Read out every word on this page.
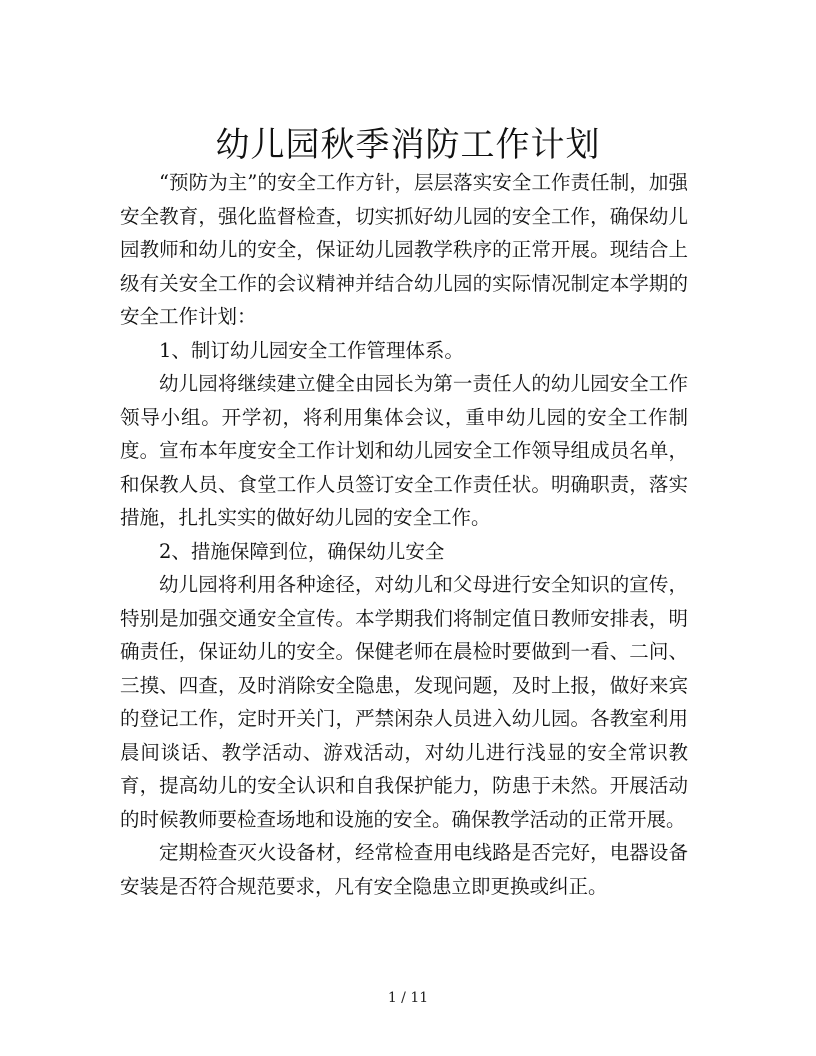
幼儿园秋季消防工作计划

“预防为主”的安全工作方针，层层落实安全工作责任制，加强安全教育，强化监督检查，切实抓好幼儿园的安全工作，确保幼儿园教师和幼儿的安全，保证幼儿园教学秩序的正常开展。现结合上级有关安全工作的会议精神并结合幼儿园的实际情况制定本学期的安全工作计划：

1、制订幼儿园安全工作管理体系。

幼儿园将继续建立健全由园长为第一责任人的幼儿园安全工作领导小组。开学初，将利用集体会议，重申幼儿园的安全工作制度。宣布本年度安全工作计划和幼儿园安全工作领导组成员名单，和保教人员、食堂工作人员签订安全工作责任状。明确职责，落实措施，扎扎实实的做好幼儿园的安全工作。

2、措施保障到位，确保幼儿安全

幼儿园将利用各种途径，对幼儿和父母进行安全知识的宣传，特别是加强交通安全宣传。本学期我们将制定值日教师安排表，明确责任，保证幼儿的安全。保健老师在晨检时要做到一看、二问、三摸、四查，及时消除安全隐患，发现问题，及时上报，做好来宾的登记工作，定时开关门，严禁闲杂人员进入幼儿园。各教室利用晨间谈话、教学活动、游戏活动，对幼儿进行浅显的安全常识教育，提高幼儿的安全认识和自我保护能力，防患于未然。开展活动的时候教师要检查场地和设施的安全。确保教学活动的正常开展。

定期检查灭火设备材，经常检查用电线路是否完好，电器设备安装是否符合规范要求，凡有安全隐患立即更换或纠正。

1 / 11
